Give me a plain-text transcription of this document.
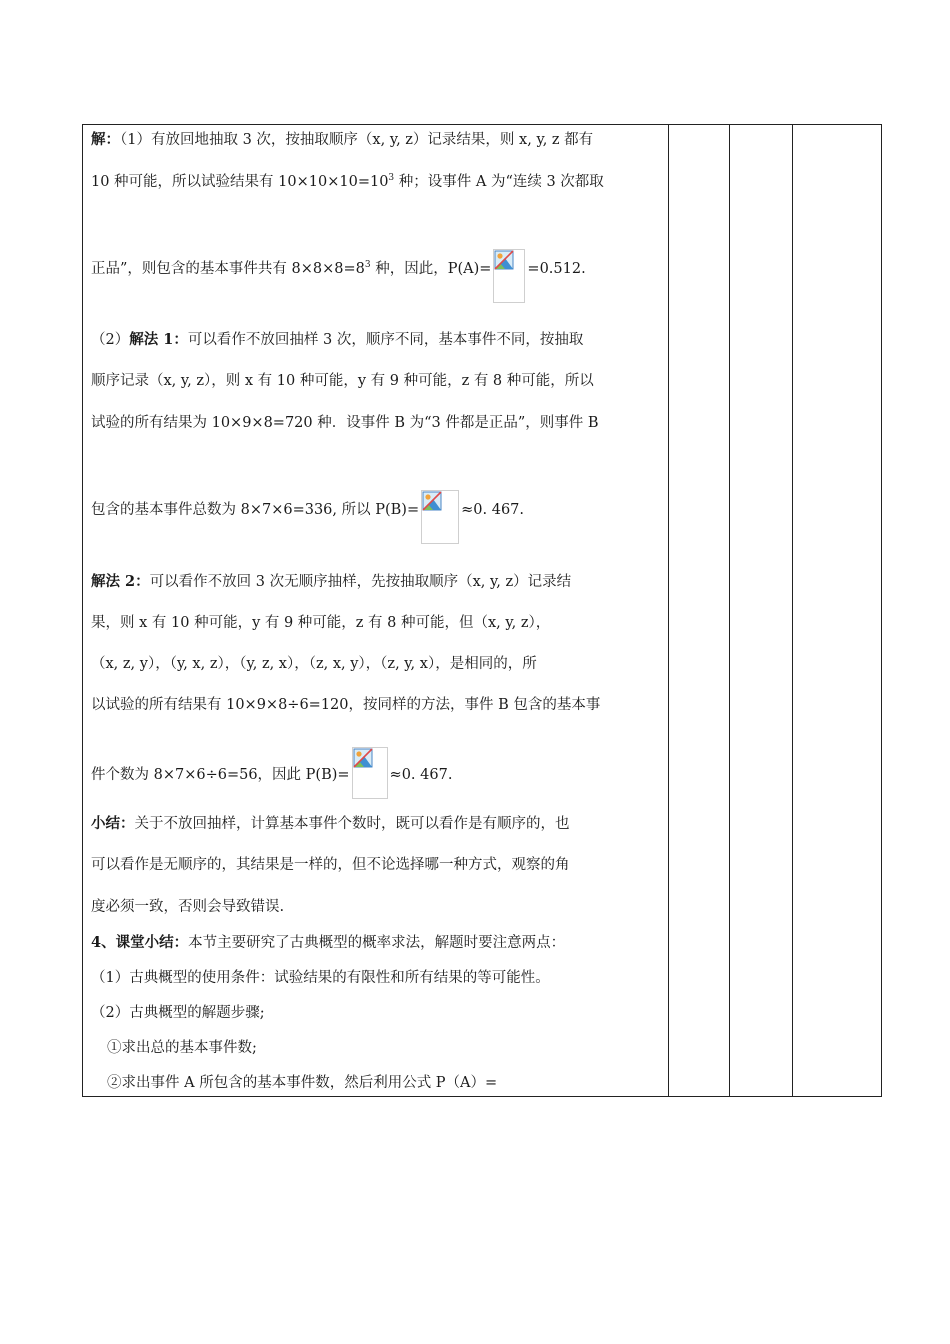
解：（1）有放回地抽取 3 次，按抽取顺序（x, y, z）记录结果，则 x, y, z 都有
10 种可能，所以试验结果有 $10\times 10\times 10=10^3$ 种；设事件 A 为“连续 3 次都取
正品”，则包含的基本事件共有 $8\times 8\times 8=8^3$ 种，因此，P(A)= =0.512.
（2）解法 1：可以看作不放回抽样 3 次，顺序不同，基本事件不同，按抽取
顺序记录（x, y, z），则 x 有 10 种可能，y 有 9 种可能，z 有 8 种可能，所以
试验的所有结果为 10×9×8=720 种．设事件 B 为“3 件都是正品”，则事件 B
包含的基本事件总数为 8×7×6=336, 所以 P(B)=	≈0. 467.
解法 2：可以看作不放回 3 次无顺序抽样，先按抽取顺序（x, y, z）记录结
果，则 x 有 10 种可能，y 有 9 种可能，z 有 8 种可能，但（x, y, z），
（x, z, y），（y, x, z），（y, z, x），（z, x, y），（z, y, x），是相同的，所
以试验的所有结果有 10×9×8÷6=120，按同样的方法，事件 B 包含的基本事
件个数为 8×7×6÷6=56，因此 P(B)=	≈0. 467.
小结：关于不放回抽样，计算基本事件个数时，既可以看作是有顺序的，也
可以看作是无顺序的，其结果是一样的，但不论选择哪一种方式，观察的角
度必须一致，否则会导致错误.
4、课堂小结：本节主要研究了古典概型的概率求法，解题时要注意两点：
（1）古典概型的使用条件：试验结果的有限性和所有结果的等可能性。
（2）古典概型的解题步骤;
①求出总的基本事件数;
②求出事件 A 所包含的基本事件数，然后利用公式 P（A）=
